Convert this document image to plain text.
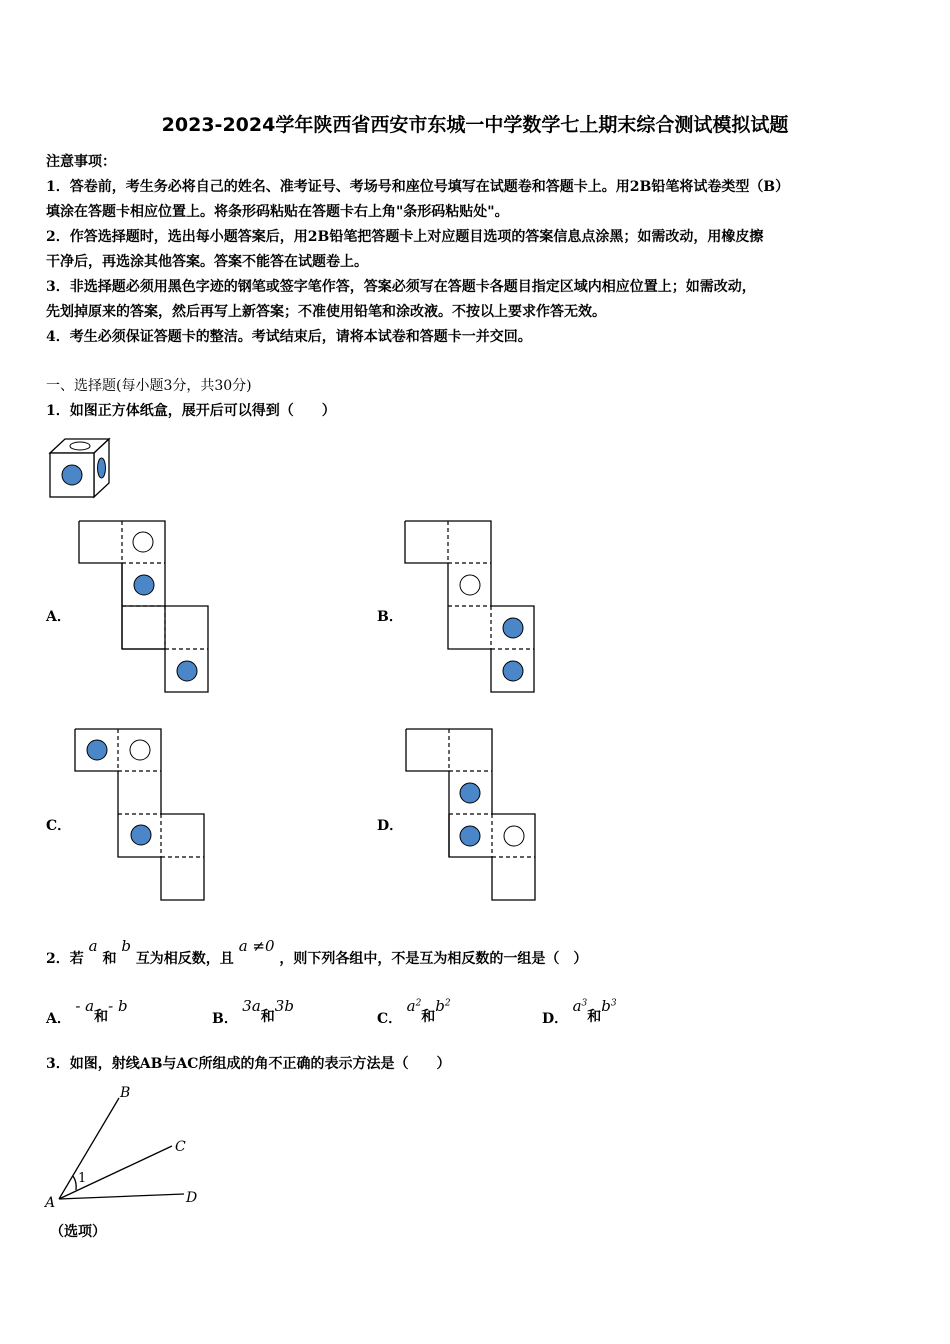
2023-2024学年陕西省西安市东城一中学数学七上期末综合测试模拟试题
注意事项：
1．答卷前，考生务必将自己的姓名、准考证号、考场号和座位号填写在试题卷和答题卡上。用2B铅笔将试卷类型（B）
填涂在答题卡相应位置上。将条形码粘贴在答题卡右上角"条形码粘贴处"。
2．作答选择题时，选出每小题答案后，用2B铅笔把答题卡上对应题目选项的答案信息点涂黑；如需改动，用橡皮擦
干净后，再选涂其他答案。答案不能答在试题卷上。
3．非选择题必须用黑色字迹的钢笔或签字笔作答，答案必须写在答题卡各题目指定区域内相应位置上；如需改动，
先划掉原来的答案，然后再写上新答案；不准使用铅笔和涂改液。不按以上要求作答无效。
4．考生必须保证答题卡的整洁。考试结束后，请将本试卷和答题卡一并交回。
一、选择题(每小题3分，共30分)
1．如图正方体纸盒，展开后可以得到（　　）
A．	B．
C．	D．
2．若 a 和 b 互为相反数，且 a ≠0 ，则下列各组中，不是互为相反数的一组是（　）
A． - a和- b
B． 3a和3b
C． $a^2$和$b^2$
D． $a^3$和$b^3$
3．如图，射线AB与AC所组成的角不正确的表示方法是（　　）
B
C
D
A
1
（选项）
